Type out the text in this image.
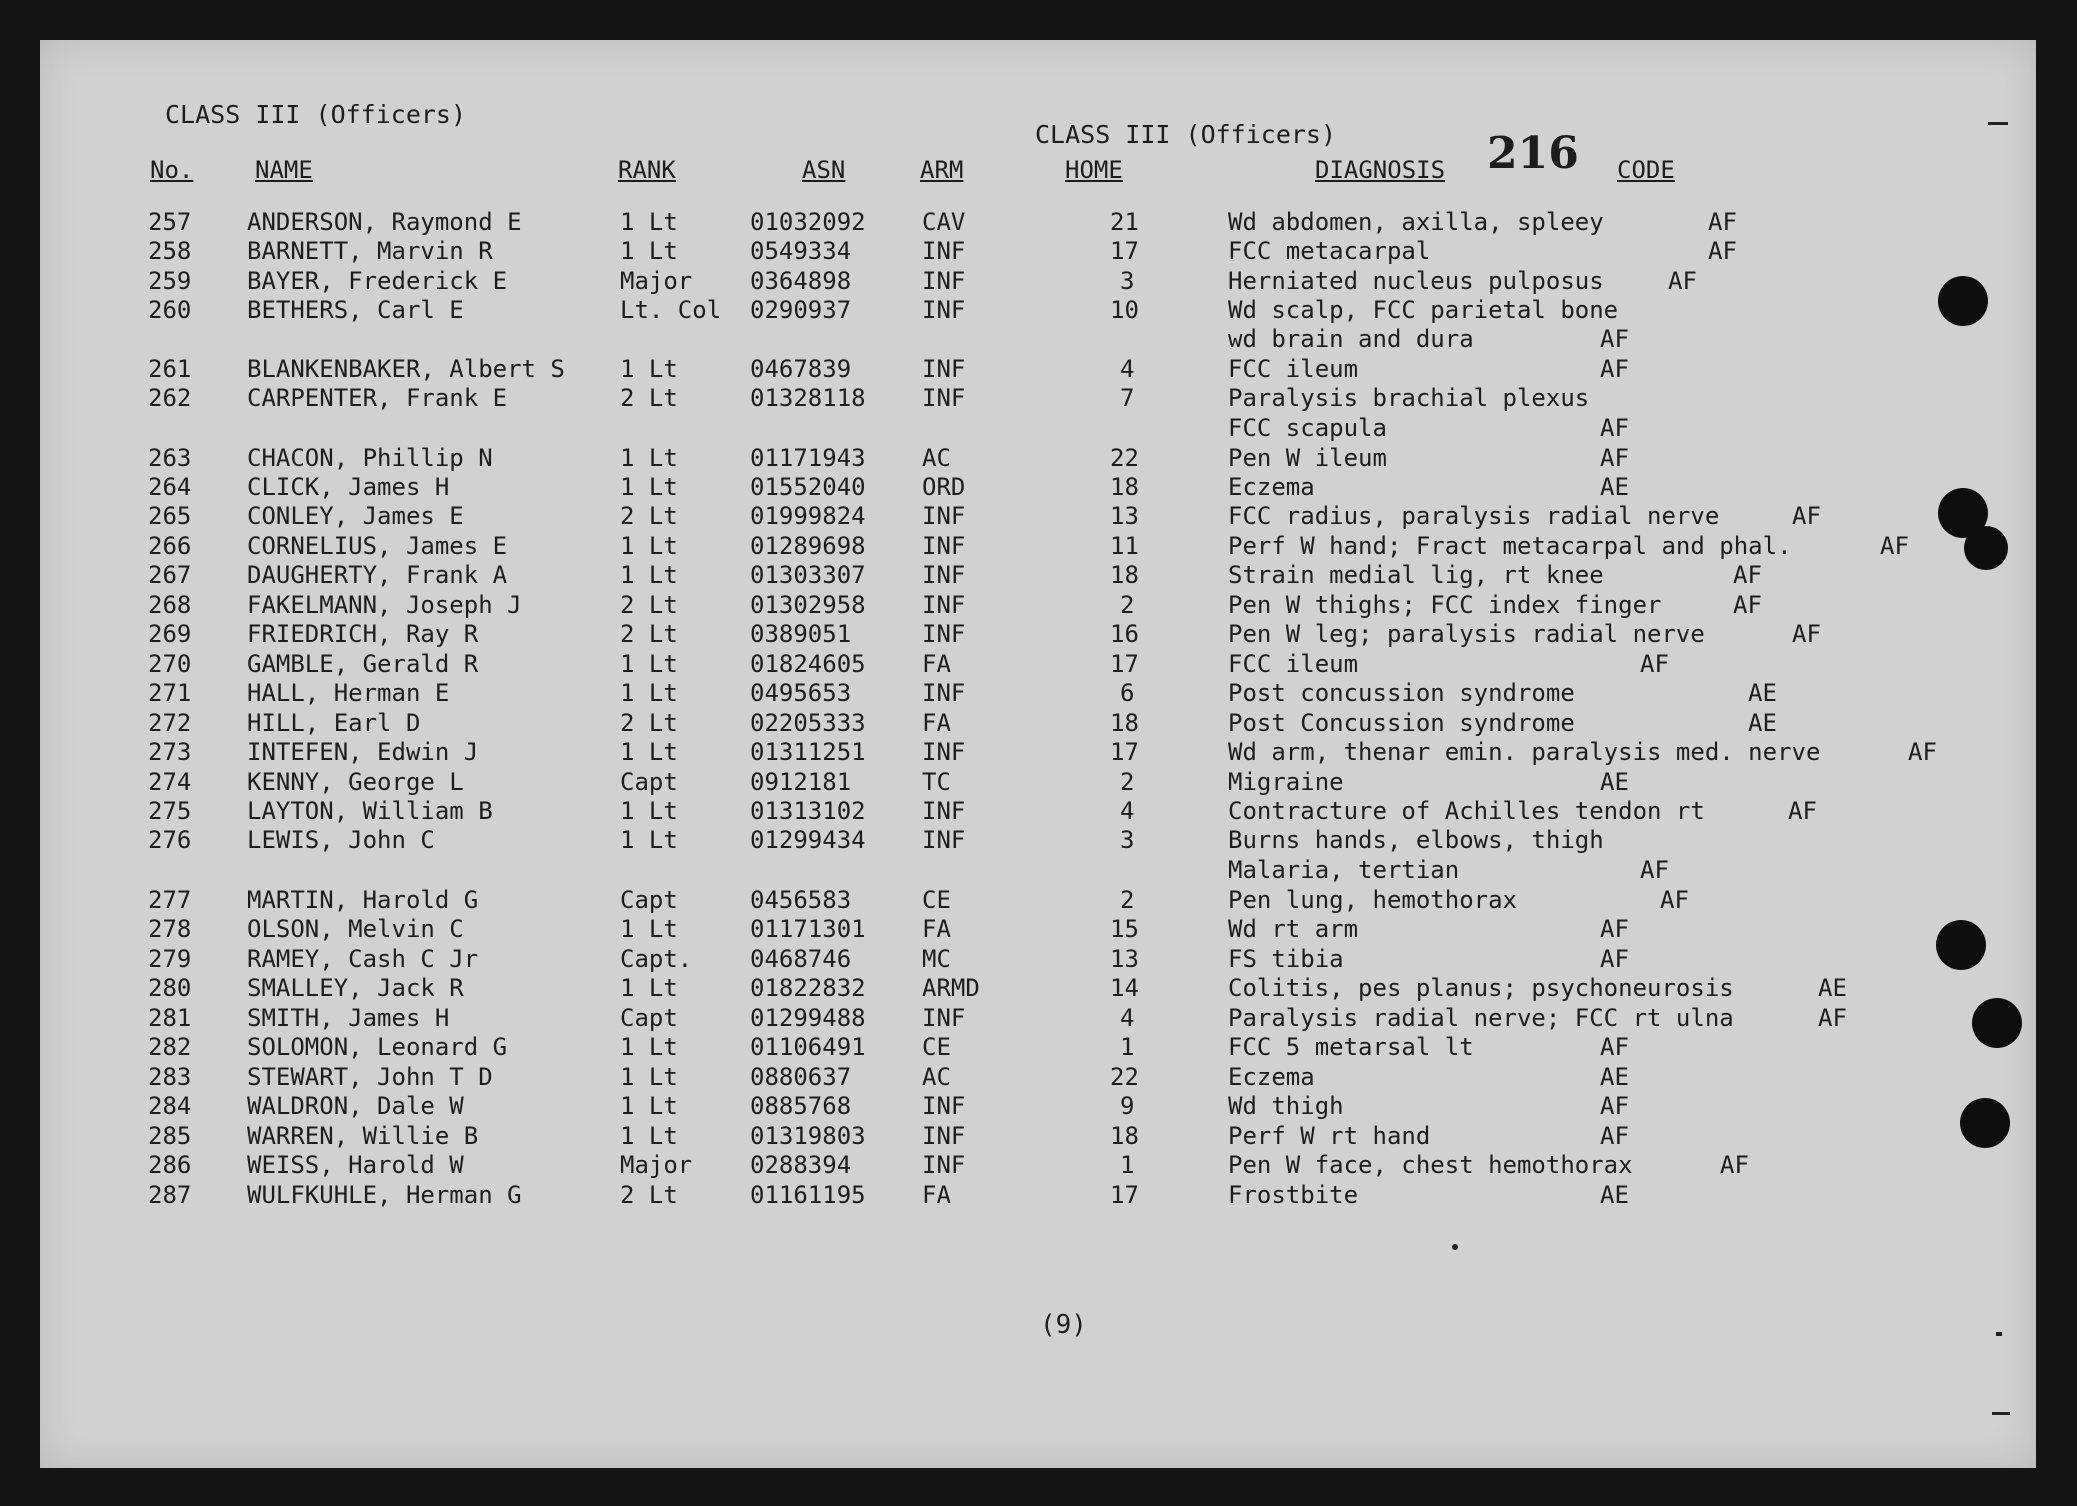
CLASS III (Officers)
CLASS III (Officers)	216
No.	NAME	RANK	ASN	ARM	HOME	DIAGNOSIS	CODE
257 ANDERSON, Raymond E	1 Lt	01032092 CAV	21	Wd abdomen, axilla, spleey	AF
258 BARNETT, Marvin R	1 Lt	0549334	INF	17	FCC metacarpal	AF
259 BAYER, Frederick E	Major 0364898	INF	3	Herniated nucleus pulposus	AF
260 BETHERS, Carl E	Lt. Col 0290937	INF	10	Wd scalp, FCC parietal bone
wd brain and dura	AF
261 BLANKENBAKER, Albert S 1 Lt	0467839	INF	4	FCC ileum	AF
262 CARPENTER, Frank E	2 Lt	01328118 INF	7	Paralysis brachial plexus
FCC scapula	AF
263 CHACON, Phillip N	1 Lt	01171943 AC	22	Pen W ileum	AF
264 CLICK, James H	1 Lt	01552040 ORD	18	Eczema	AE
265 CONLEY, James E	2 Lt	01999824 INF	13	FCC radius, paralysis radial nerve	AF
266 CORNELIUS, James E	1 Lt	01289698 INF	11	Perf W hand; Fract metacarpal and phal.	AF
267 DAUGHERTY, Frank A	1 Lt	01303307 INF	18	Strain medial lig, rt knee	AF
268 FAKELMANN, Joseph J	2 Lt	01302958 INF	2	Pen W thighs; FCC index finger	AF
269 FRIEDRICH, Ray R	2 Lt	0389051	INF	16	Pen W leg; paralysis radial nerve	AF
270 GAMBLE, Gerald R	1 Lt	01824605 FA	17	FCC ileum	AF
271 HALL, Herman E	1 Lt	0495653	INF	6	Post concussion syndrome	AE
272 HILL, Earl D	2 Lt	02205333 FA	18	Post Concussion syndrome	AE
273 INTEFEN, Edwin J	1 Lt	01311251 INF	17	Wd arm, thenar emin. paralysis med. nerve	AF
274 KENNY, George L	Capt	0912181	TC	2	Migraine	AE
275 LAYTON, William B	1 Lt	01313102 INF	4	Contracture of Achilles tendon rt	AF
276 LEWIS, John C	1 Lt	01299434 INF	3	Burns hands, elbows, thigh
Malaria, tertian	AF
277 MARTIN, Harold G	Capt	0456583	CE	2	Pen lung, hemothorax	AF
278 OLSON, Melvin C	1 Lt	01171301 FA	15	Wd rt arm	AF
279 RAMEY, Cash C Jr	Capt. 0468746	MC	13	FS tibia	AF
280 SMALLEY, Jack R	1 Lt	01822832 ARMD	14	Colitis, pes planus; psychoneurosis	AE
281 SMITH, James H	Capt	01299488 INF	4	Paralysis radial nerve; FCC rt ulna	AF
282 SOLOMON, Leonard G	1 Lt	01106491 CE	1	FCC 5 metarsal lt	AF
283 STEWART, John T D	1 Lt	0880637	AC	22	Eczema	AE
284 WALDRON, Dale W	1 Lt	0885768	INF	9	Wd thigh	AF
285 WARREN, Willie B	1 Lt	01319803 INF	18	Perf W rt hand	AF
286 WEISS, Harold W	Major 0288394	INF	1	Pen W face, chest hemothorax	AF
287 WULFKUHLE, Herman G	2 Lt	01161195 FA	17	Frostbite	AE
(9)
